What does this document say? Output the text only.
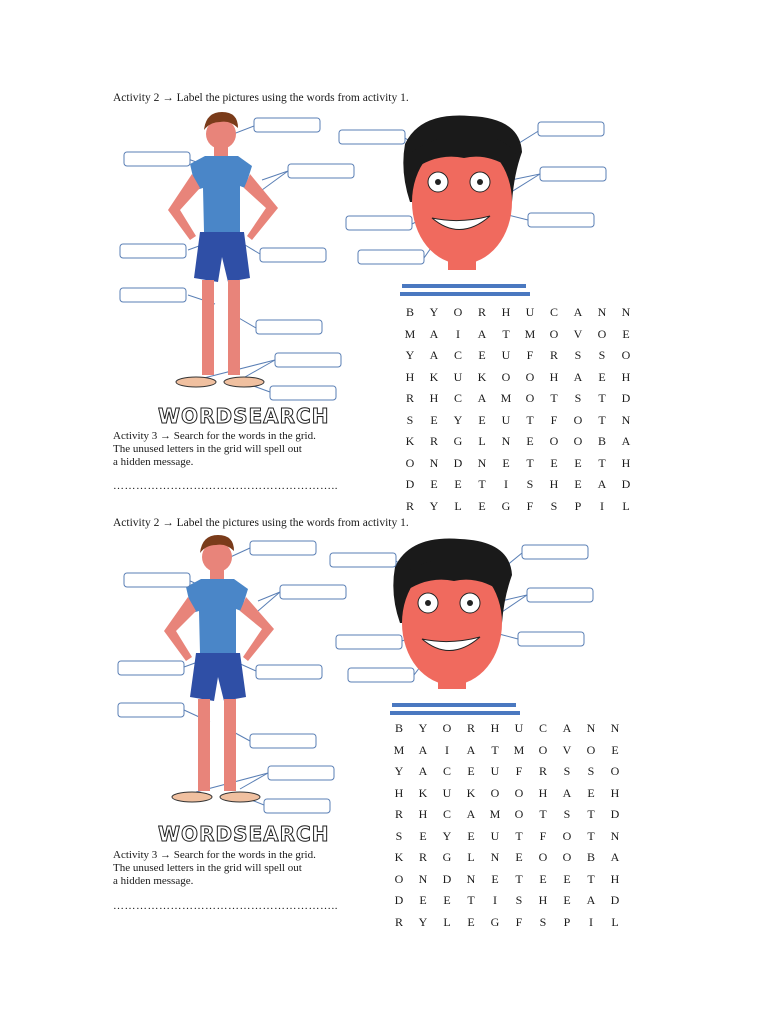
Activity 2 → Label the pictures using the words from activity 1.
WORDSEARCH
Activity 3 → Search for the words in the grid.
The unused letters in the grid will spell out
a hidden message.
…………………………………………………..
B	Y	O	R	H	U	C	A	N	N
M	A	I	A	T	M	O	V	O	E
Y	A	C	E	U	F	R	S	S	O
H	K	U	K	O	O	H	A	E	H
R	H	C	A	M	O	T	S	T	D
S	E	Y	E	U	T	F	O	T	N
K	R	G	L	N	E	O	O	B	A
O	N	D	N	E	T	E	E	T	H
D	E	E	T	I	S	H	E	A	D
R	Y	L	E	G	F	S	P	I	L
Activity 2 → Label the pictures using the words from activity 1.
WORDSEARCH
Activity 3 → Search for the words in the grid.
The unused letters in the grid will spell out
a hidden message.
…………………………………………………..
B	Y	O	R	H	U	C	A	N	N
M	A	I	A	T	M	O	V	O	E
Y	A	C	E	U	F	R	S	S	O
H	K	U	K	O	O	H	A	E	H
R	H	C	A	M	O	T	S	T	D
S	E	Y	E	U	T	F	O	T	N
K	R	G	L	N	E	O	O	B	A
O	N	D	N	E	T	E	E	T	H
D	E	E	T	I	S	H	E	A	D
R	Y	L	E	G	F	S	P	I	L
